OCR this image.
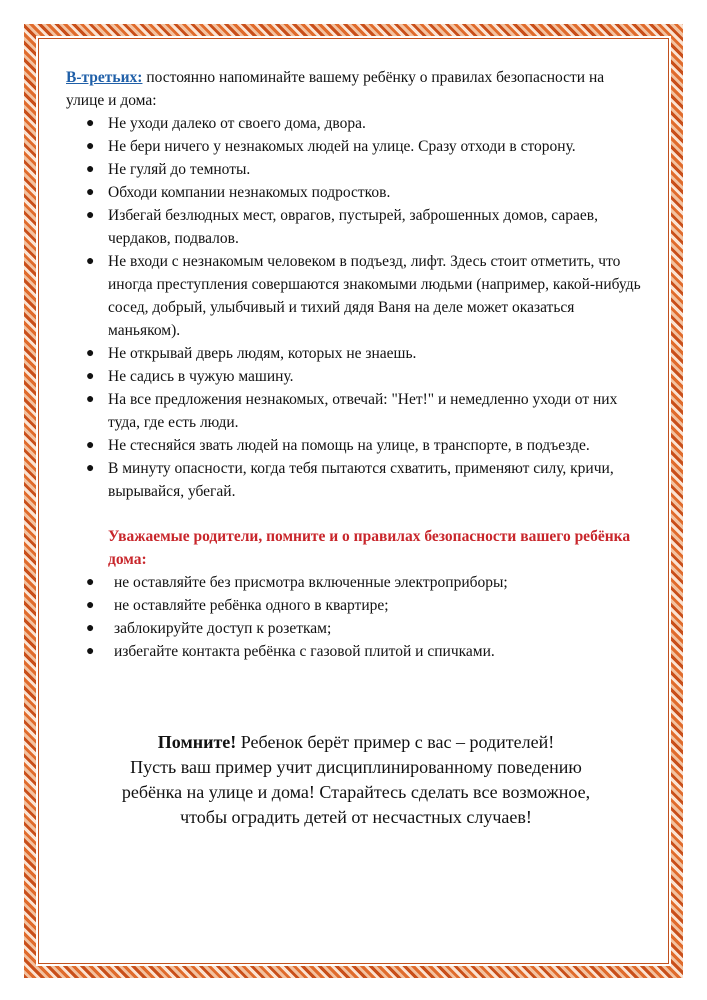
В-третьих: постоянно напоминайте вашему ребёнку о правилах безопасности на улице и дома:

● Не уходи далеко от своего дома, двора.
● Не бери ничего у незнакомых людей на улице. Сразу отходи в сторону.
● Не гуляй до темноты.
● Обходи компании незнакомых подростков.
● Избегай безлюдных мест, оврагов, пустырей, заброшенных домов, сараев, чердаков, подвалов.
● Не входи с незнакомым человеком в подъезд, лифт. Здесь стоит отметить, что иногда преступления совершаются знакомыми людьми (например, какой-нибудь сосед, добрый, улыбчивый и тихий дядя Ваня на деле может оказаться маньяком).
● Не открывай дверь людям, которых не знаешь.
● Не садись в чужую машину.
● На все предложения незнакомых, отвечай: "Нет!" и немедленно уходи от них туда, где есть люди.
● Не стесняйся звать людей на помощь на улице, в транспорте, в подъезде.
● В минуту опасности, когда тебя пытаются схватить, применяют силу, кричи, вырывайся, убегай.
Уважаемые родители, помните и о правилах безопасности вашего ребёнка дома:
● не оставляйте без присмотра включенные электроприборы;
● не оставляйте ребёнка одного в квартире;
● заблокируйте доступ к розеткам;
● избегайте контакта ребёнка с газовой плитой и спичками.
Помните! Ребенок берёт пример с вас – родителей!
Пусть ваш пример учит дисциплинированному поведению
ребёнка на улице и дома! Старайтесь сделать все возможное,
чтобы оградить детей от несчастных случаев!
